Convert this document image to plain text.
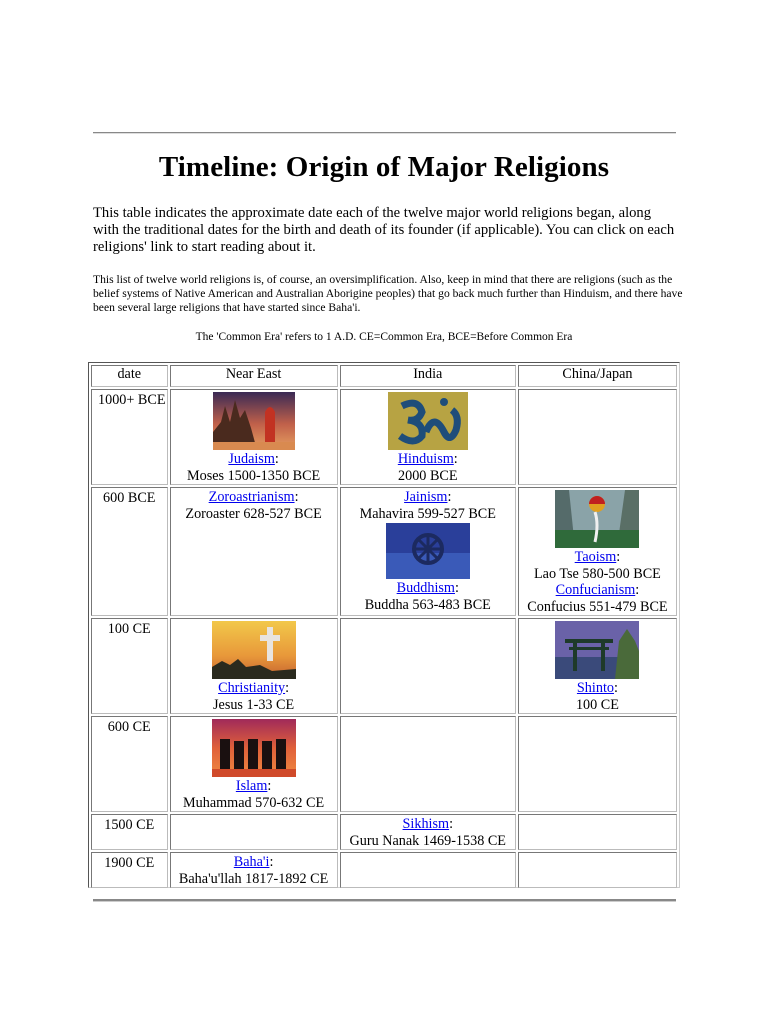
Timeline: Origin of Major Religions

This table indicates the approximate date each of the twelve major world religions began, along with the traditional dates for the birth and death of its founder (if applicable). You can click on each religions' link to start reading about it.

This list of twelve world religions is, of course, an oversimplification. Also, keep in mind that there are religions (such as the belief systems of Native American and Australian Aborigine peoples) that go back much further than Hinduism, and there have been several large religions that have started since Baha'i.

The 'Common Era' refers to 1 A.D. CE=Common Era, BCE=Before Common Era

date	Near East	India	China/Japan
1000+ BCE	Judaism:
Moses 1500-1350 BCE	Hinduism:
2000 BCE	

600 BCE	Zoroastrianism:
Zoroaster 628-527 BCE	Jainism:
Mahavira 599-527 BCE
Buddhism:
Buddha 563-483 BCE	Taoism:
Lao Tse 580-500 BCE
Confucianism:
Confucius 551-479 BCE

100 CE	Christianity:
Jesus 1-33 CE		Shinto:
100 CE

600 CE	Islam:
Muhammad 570-632 CE		

1500 CE		Sikhism:
Guru Nanak 1469-1538 CE	

1900 CE	Baha'i:
Baha'u'llah 1817-1892 CE		
